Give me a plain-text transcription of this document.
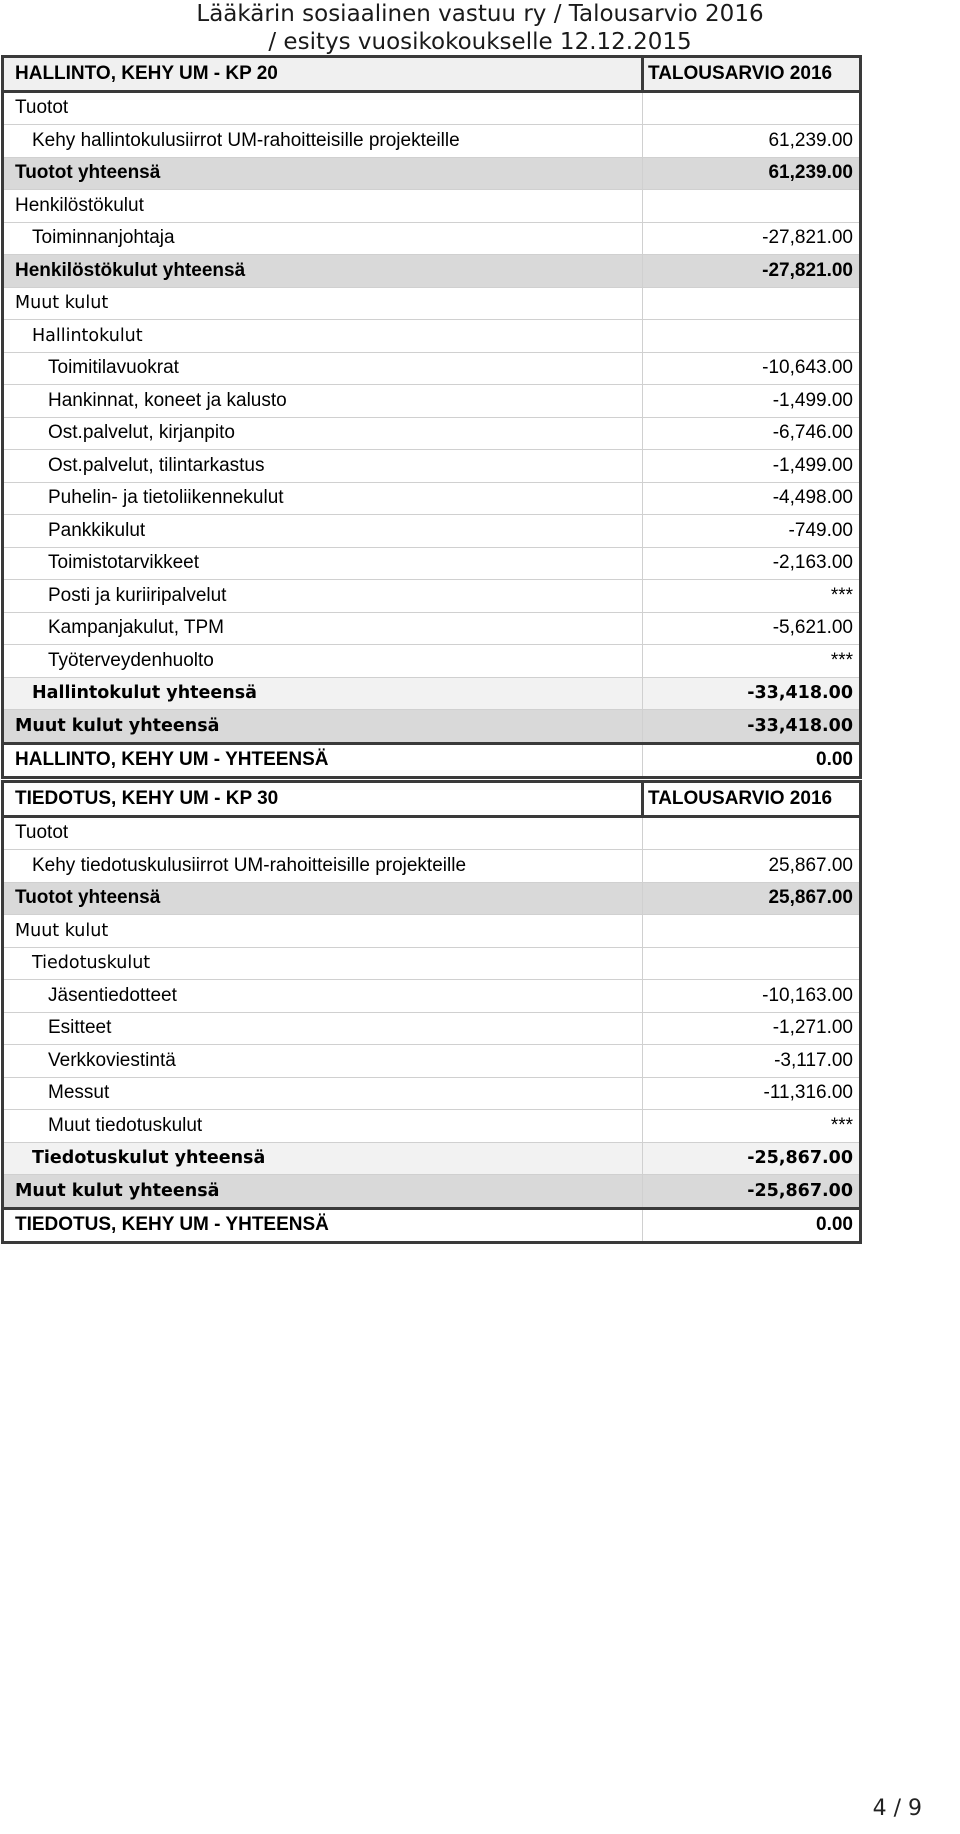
Lääkärin sosiaalinen vastuu ry / Talousarvio 2016
/ esitys vuosikokoukselle 12.12.2015
HALLINTO, KEHY UM - KP 20	TALOUSARVIO 2016
Tuotot	
Kehy hallintokulusiirrot UM-rahoitteisille projekteille	61,239.00
Tuotot yhteensä	61,239.00
Henkilöstökulut	
Toiminnanjohtaja	-27,821.00
Henkilöstökulut yhteensä	-27,821.00
Muut kulut	
Hallintokulut	
Toimitilavuokrat	-10,643.00
Hankinnat, koneet ja kalusto	-1,499.00
Ost.palvelut, kirjanpito	-6,746.00
Ost.palvelut, tilintarkastus	-1,499.00
Puhelin- ja tietoliikennekulut	-4,498.00
Pankkikulut	-749.00
Toimistotarvikkeet	-2,163.00
Posti ja kuriiripalvelut	***
Kampanjakulut, TPM	-5,621.00
Työterveydenhuolto	***
Hallintokulut yhteensä	-33,418.00
Muut kulut yhteensä	-33,418.00
HALLINTO, KEHY UM - YHTEENSÄ	0.00
TIEDOTUS, KEHY UM - KP 30	TALOUSARVIO 2016
Tuotot	
Kehy tiedotuskulusiirrot UM-rahoitteisille projekteille	25,867.00
Tuotot yhteensä	25,867.00
Muut kulut	
Tiedotuskulut	
Jäsentiedotteet	-10,163.00
Esitteet	-1,271.00
Verkkoviestintä	-3,117.00
Messut	-11,316.00
Muut tiedotuskulut	***
Tiedotuskulut yhteensä	-25,867.00
Muut kulut yhteensä	-25,867.00
TIEDOTUS, KEHY UM - YHTEENSÄ	0.00
4 / 9
